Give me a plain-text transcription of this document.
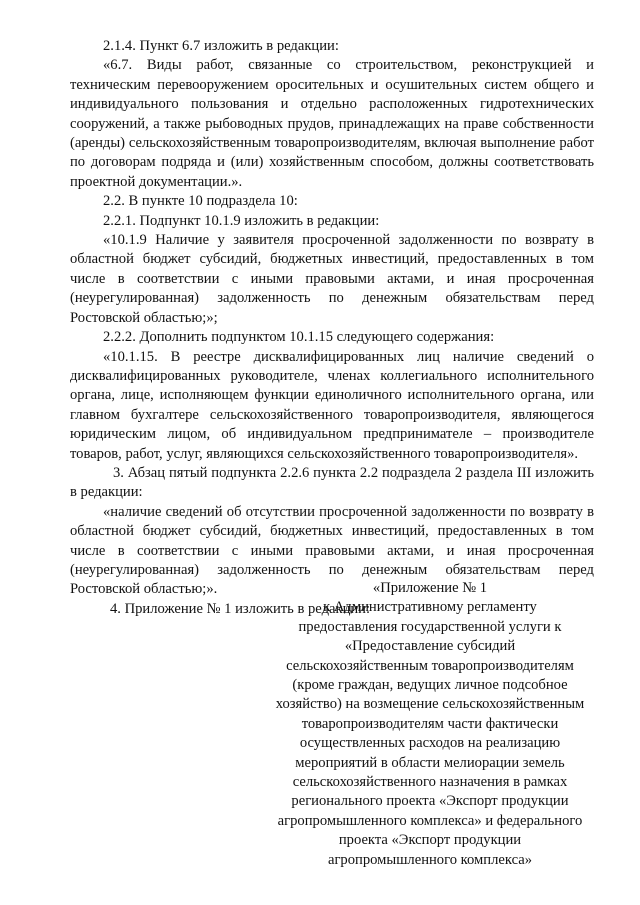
2.1.4. Пункт 6.7 изложить в редакции:

«6.7. Виды работ, связанные со строительством, реконструкцией и техническим перевооружением оросительных и осушительных систем общего и индивидуального пользования и отдельно расположенных гидротехнических сооружений, а также рыбоводных прудов, принадлежащих на праве собственности (аренды) сельскохозяйственным товаропроизводителям, включая выполнение работ по договорам подряда и (или) хозяйственным способом, должны соответствовать проектной документации.».

2.2. В пункте 10 подраздела 10:

2.2.1. Подпункт 10.1.9 изложить в редакции:

«10.1.9 Наличие у заявителя просроченной задолженности по возврату в областной бюджет субсидий, бюджетных инвестиций, предоставленных в том числе в соответствии с иными правовыми актами, и иная просроченная (неурегулированная) задолженность по денежным обязательствам перед Ростовской областью;»;

2.2.2. Дополнить подпунктом 10.1.15 следующего содержания:

«10.1.15. В реестре дисквалифицированных лиц наличие сведений о дисквалифицированных руководителе, членах коллегиального исполнительного органа, лице, исполняющем функции единоличного исполнительного органа, или главном бухгалтере сельскохозяйственного товаропроизводителя, являющегося юридическим лицом, об индивидуальном предпринимателе – производителе товаров, работ, услуг, являющихся сельскохозяйственного товаропроизводителя».

3. Абзац пятый подпункта 2.2.6 пункта 2.2 подраздела 2 раздела III изложить в редакции:

«наличие сведений об отсутствии просроченной задолженности по возврату в областной бюджет субсидий, бюджетных инвестиций, предоставленных в том числе в соответствии с иными правовыми актами, и иная просроченная (неурегулированная) задолженность по денежным обязательствам перед Ростовской областью;».

4. Приложение № 1 изложить в редакции:

«Приложение № 1
к Административному регламенту
предоставления государственной услуги к
«Предоставление субсидий
сельскохозяйственным товаропроизводителям
(кроме граждан, ведущих личное подсобное
хозяйство) на возмещение сельскохозяйственным
товаропроизводителям части фактически
осуществленных расходов на реализацию
мероприятий в области мелиорации земель
сельскохозяйственного назначения в рамках
регионального проекта «Экспорт продукции
агропромышленного комплекса» и федерального
проекта «Экспорт продукции
агропромышленного комплекса»
